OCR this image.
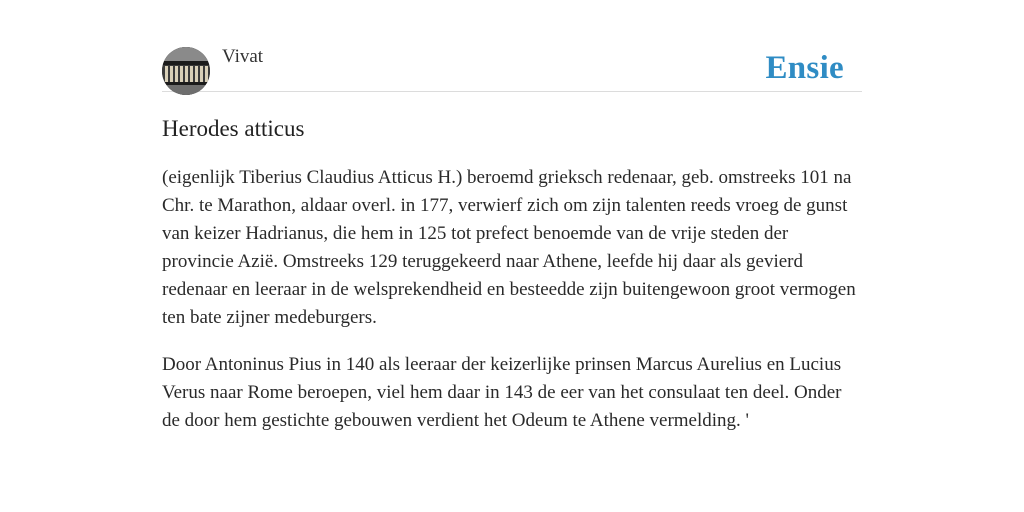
Vivat	Ensie
Herodes atticus

(eigenlijk Tiberius Claudius Atticus H.) beroemd grieksch redenaar, geb. omstreeks 101 na Chr. te Marathon, aldaar overl. in 177, verwierf zich om zijn talenten reeds vroeg de gunst van keizer Hadrianus, die hem in 125 tot prefect benoemde van de vrije steden der provincie Azië. Omstreeks 129 teruggekeerd naar Athene, leefde hij daar als gevierd redenaar en leeraar in de welsprekendheid en besteedde zijn buitengewoon groot vermogen ten bate zijner medeburgers.

Door Antoninus Pius in 140 als leeraar der keizerlijke prinsen Marcus Aurelius en Lucius Verus naar Rome beroepen, viel hem daar in 143 de eer van het consulaat ten deel. Onder de door hem gestichte gebouwen verdient het Odeum te Athene vermelding. '
